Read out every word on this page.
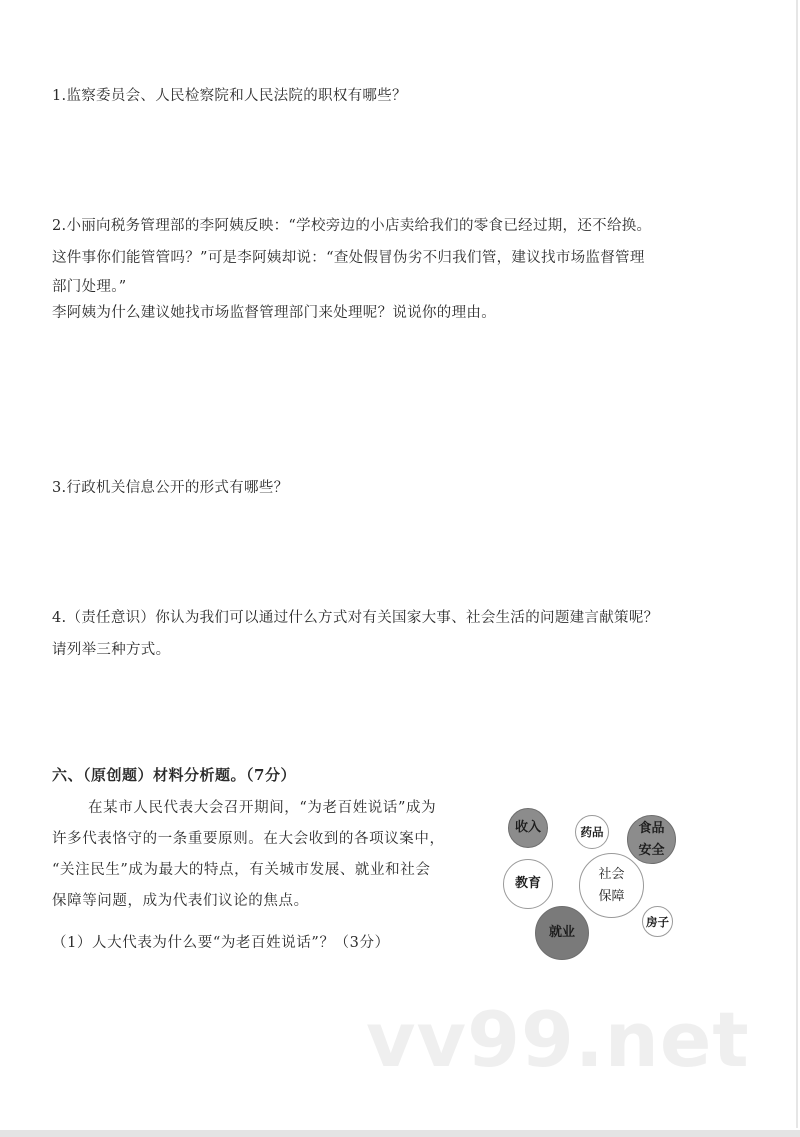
1.监察委员会、人民检察院和人民法院的职权有哪些？
2.小丽向税务管理部的李阿姨反映：“学校旁边的小店卖给我们的零食已经过期，还不给换。
这件事你们能管管吗？”可是李阿姨却说：“查处假冒伪劣不归我们管，建议找市场监督管理
部门处理。”
李阿姨为什么建议她找市场监督管理部门来处理呢？说说你的理由。
3.行政机关信息公开的形式有哪些？
4.（责任意识）你认为我们可以通过什么方式对有关国家大事、社会生活的问题建言献策呢？
请列举三种方式。
六、（原创题）材料分析题。（7分）

在某市人民代表大会召开期间，“为老百姓说话”成为

许多代表恪守的一条重要原则。在大会收到的各项议案中，

“关注民生”成为最大的特点，有关城市发展、就业和社会

保障等问题，成为代表们议论的焦点。

（1）人大代表为什么要“为老百姓说话”？（3分）
收入	药品	食品
安全
教育
社会
保障
就业
房子
vv99.net
